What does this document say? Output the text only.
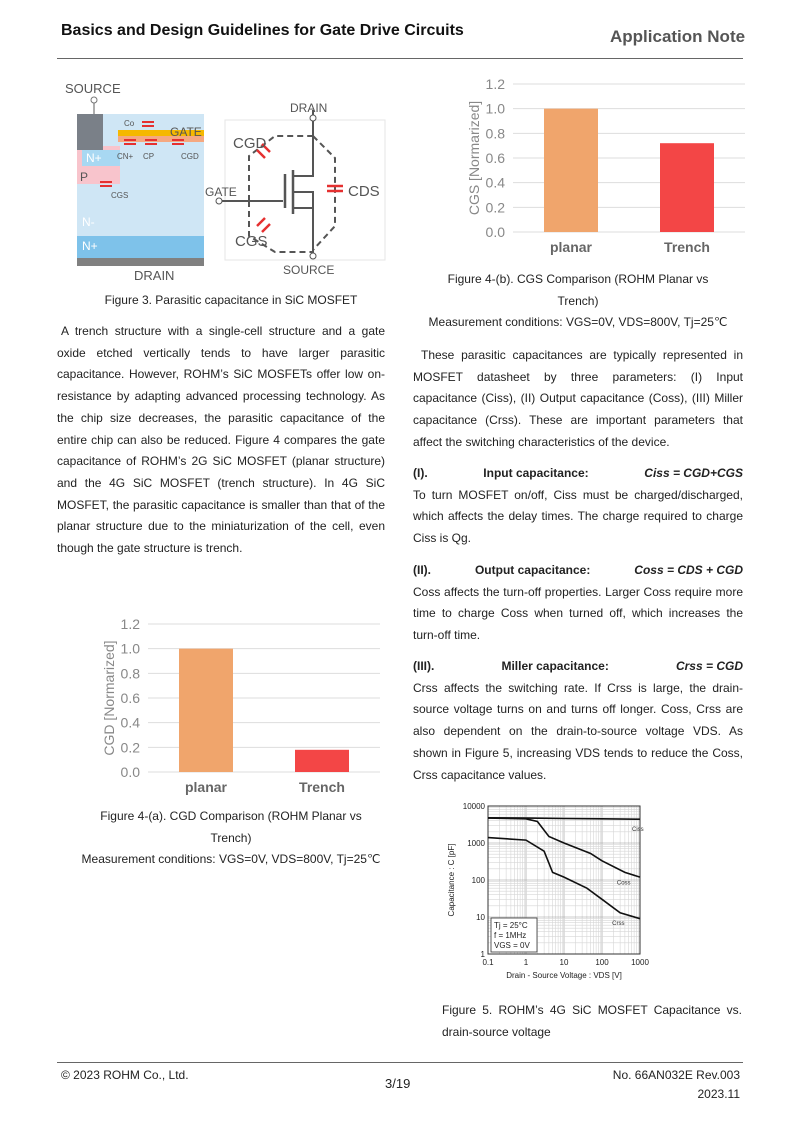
Basics and Design Guidelines for Gate Drive Circuits	Application Note
SOURCE
GATE
Co
CN+ CP	CGD
CGS
N+
P
N-
N+
DRAIN
DRAIN
CGD
CDS
GATE
CGS
SOURCE
Figure 3. Parasitic capacitance in SiC MOSFET
A trench structure with a single-cell structure and a gate oxide etched vertically tends to have larger parasitic capacitance. However, ROHM’s SiC MOSFETs offer low on-resistance by adapting advanced processing technology. As the chip size decreases, the parasitic capacitance of the entire chip can also be reduced. Figure 4 compares the gate capacitance of ROHM’s 2G SiC MOSFET (planar structure) and the 4G SiC MOSFET (trench structure). In 4G SiC MOSFET, the parasitic capacitance is smaller than that of the planar structure due to the miniaturization of the cell, even though the gate structure is trench.
0.0
0.2
0.4
0.6
0.8
1.0
1.2
planar	Trench
CGD [Normarized]
Figure 4-(a). CGD Comparison (ROHM Planar vs
Trench)
Measurement conditions: VGS=0V, VDS=800V, Tj=25℃
0.0
0.2
0.4
0.6
0.8
1.0
1.2
planar	Trench
CGS [Normarized]
Figure 4-(b). CGS Comparison (ROHM Planar vs
Trench)
Measurement conditions: VGS=0V, VDS=800V, Tj=25℃
These parasitic capacitances are typically represented in MOSFET datasheet by three parameters: (I) Input capacitance (Ciss), (II) Output capacitance (Coss), (III) Miller capacitance (Crss). These are important parameters that affect the switching characteristics of the device.
(I).	Input capacitance:	Ciss = CGD+CGS
To turn MOSFET on/off, Ciss must be charged/discharged, which affects the delay times. The charge required to charge Ciss is Qg.
(II).	Output capacitance:	Coss = CDS + CGD
Coss affects the turn-off properties. Larger Coss require more time to charge Coss when turned off, which increases the turn-off time.
(III).	Miller capacitance:	Crss = CGD
Crss affects the switching rate. If Crss is large, the drain-source voltage turns on and turns off longer. Coss, Crss are also dependent on the drain-to-source voltage VDS. As shown in Figure 5, increasing VDS tends to reduce the Coss, Crss capacitance values.
0.1	1	10	100	1000
1
10
100
1000
10000
Ciss
Coss
Crss
Tj = 25°C
f = 1MHz
VGS = 0V
Drain - Source Voltage : VDS [V]
Capacitance : C [pF]
Figure 5. ROHM’s 4G SiC MOSFET Capacitance vs. drain-source voltage
© 2023 ROHM Co., Ltd.
3/19
No. 66AN032E Rev.003
2023.11
